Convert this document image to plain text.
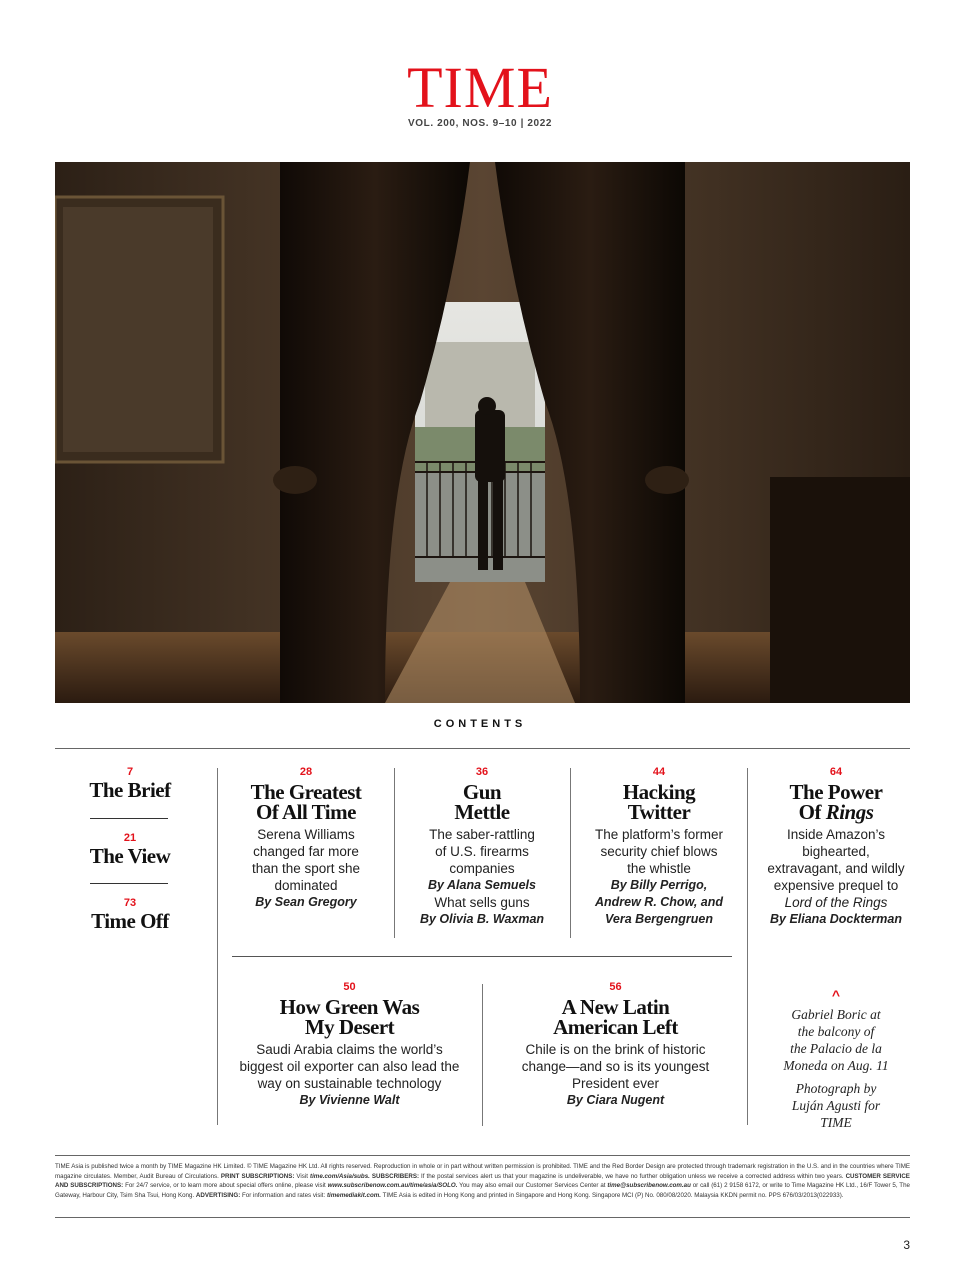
TIME
VOL. 200, NOS. 9–10 | 2022
CONTENTS
7
The Brief
21
The View
73
Time Off
28
The Greatest
Of All Time
Serena Williams
changed far more
than the sport she
dominated
By Sean Gregory
36
Gun
Mettle
The saber-rattling
of U.S. firearms
companies
By Alana Semuels
What sells guns
By Olivia B. Waxman
44
Hacking
Twitter
The platform’s former
security chief blows
the whistle
By Billy Perrigo,
Andrew R. Chow, and
Vera Bergengruen
64
The Power
Of Rings
Inside Amazon’s
bighearted,
extravagant, and wildly
expensive prequel to
Lord of the Rings
By Eliana Dockterman
50
How Green Was
My Desert
Saudi Arabia claims the world’s
biggest oil exporter can also lead the
way on sustainable technology
By Vivienne Walt
56
A New Latin
American Left
Chile is on the brink of historic
change—and so is its youngest
President ever
By Ciara Nugent
^
Gabriel Boric at
the balcony of
the Palacio de la
Moneda on Aug. 11
Photograph by
Luján Agusti for
TIME
TIME Asia is published twice a month by TIME Magazine HK Limited. © TIME Magazine HK Ltd. All rights reserved. Reproduction in whole or in part without written permission is prohibited. TIME and the Red Border Design are protected through trademark registration in the U.S. and in the countries where TIME magazine circulates. Member, Audit Bureau of Circulations. PRINT SUBSCRIPTIONS: Visit time.com/Asia/subs. SUBSCRIBERS: If the postal services alert us that your magazine is undeliverable, we have no further obligation unless we receive a corrected address within two years. CUSTOMER SERVICE AND SUBSCRIPTIONS: For 24/7 service, or to learn more about special offers online, please visit www.subscribenow.com.au/time/asia/SOLO. You may also email our Customer Services Center at time@subscribenow.com.au or call (61) 2 9158 6172, or write to Time Magazine HK Ltd., 16/F Tower 5, The Gateway, Harbour City, Tsim Sha Tsui, Hong Kong. ADVERTISING: For information and rates visit: timemediakit.com. TIME Asia is edited in Hong Kong and printed in Singapore and Hong Kong. Singapore MCI (P) No. 080/08/2020. Malaysia KKDN permit no. PPS 676/03/2013(022933).
3
